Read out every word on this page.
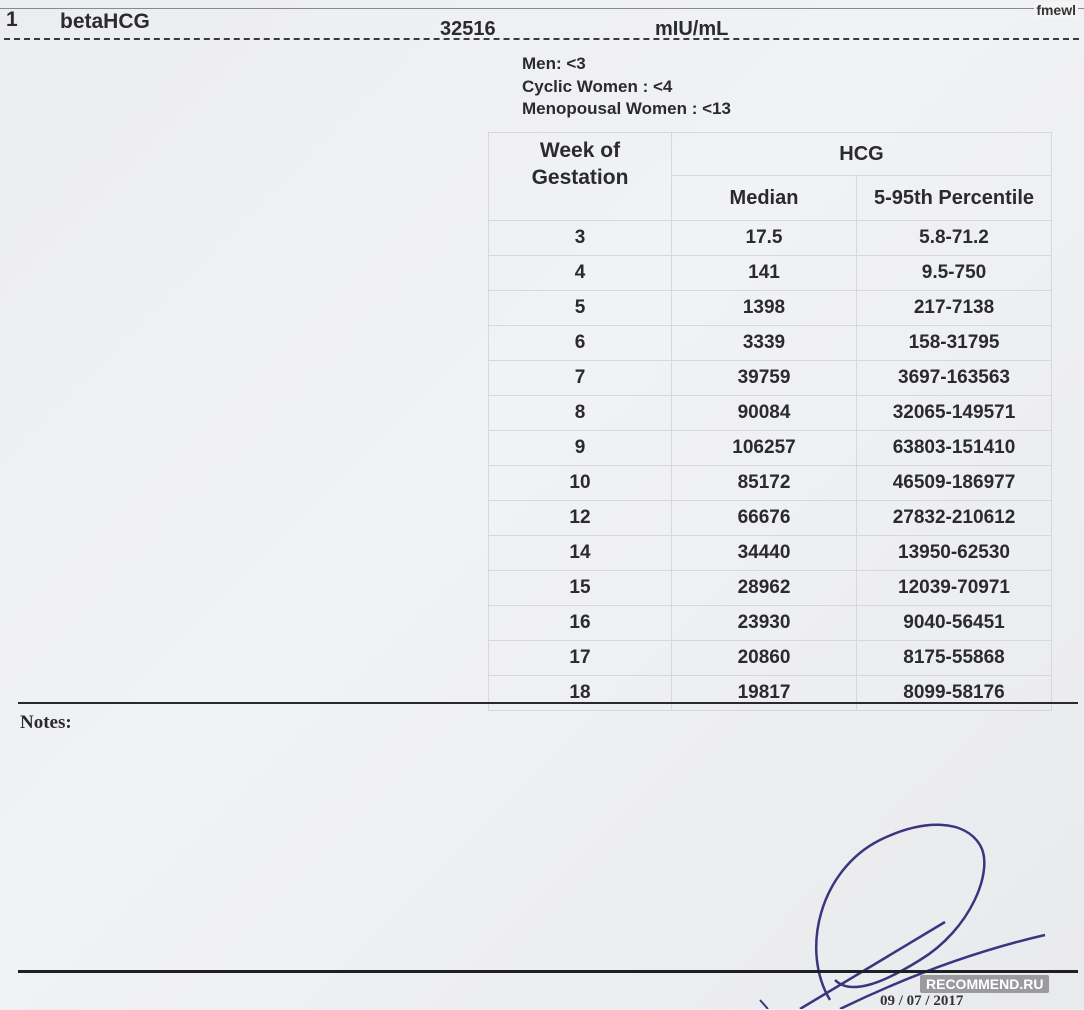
fmewl
1 betaHCG	32516	mIU/mL
Men: <3
Cyclic Women : <4
Menopousal Women : <13
Week of Gestation	HCG	
	Median	5-95th Percentile
3	17.5	5.8-71.2
4	141	9.5-750
5	1398	217-7138
6	3339	158-31795
7	39759	3697-163563
8	90084	32065-149571
9	106257	63803-151410
10	85172	46509-186977
12	66676	27832-210612
14	34440	13950-62530
15	28962	12039-70971
16	23930	9040-56451
17	20860	8175-55868
18	19817	8099-58176
Notes:
RECOMMEND.RU
09 / 07 / 2017
